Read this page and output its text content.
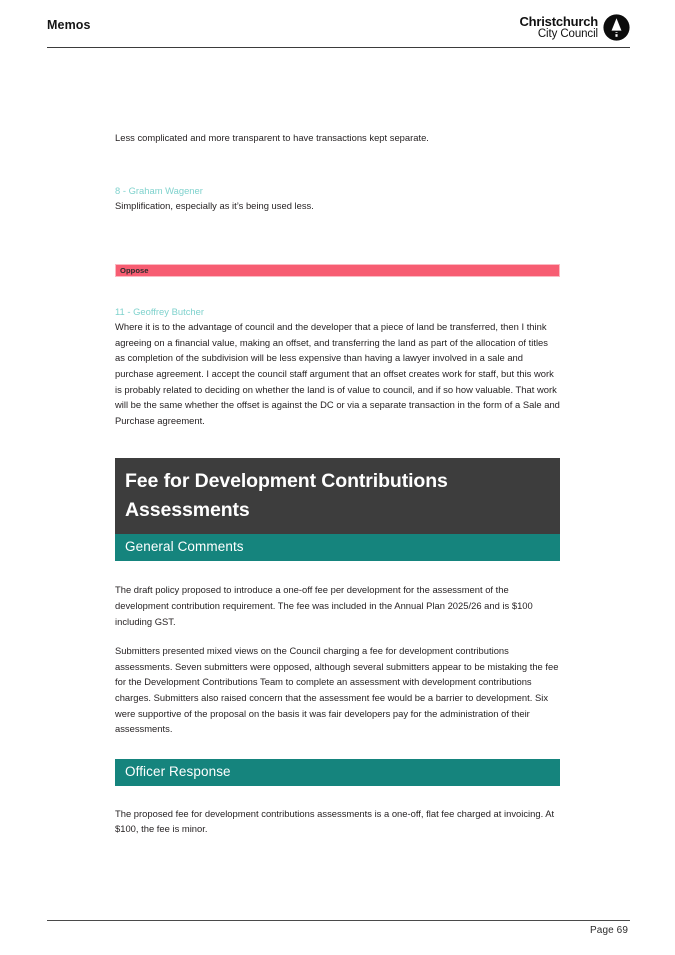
Memos	Christchurch
City Council

Less complicated and more transparent to have transactions kept separate.

8 - Graham Wagener

Simplification, especially as it’s being used less.

Oppose

11 - Geoffrey Butcher

Where it is to the advantage of council and the developer that a piece of land be transferred, then I think agreeing on a financial value, making an offset, and transferring the land as part of the allocation of titles as completion of the subdivision will be less expensive than having a lawyer involved in a sale and purchase agreement. I accept the council staff argument that an offset creates work for staff, but this work is probably related to deciding on whether the land is of value to council, and if so how valuable. That work will be the same whether the offset is against the DC or via a separate transaction in the form of a Sale and Purchase agreement.

Fee for Development Contributions Assessments
General Comments

The draft policy proposed to introduce a one-off fee per development for the assessment of the development contribution requirement. The fee was included in the Annual Plan 2025/26 and is $100 including GST.

Submitters presented mixed views on the Council charging a fee for development contributions assessments. Seven submitters were opposed, although several submitters appear to be mistaking the fee for the Development Contributions Team to complete an assessment with development contributions charges. Submitters also raised concern that the assessment fee would be a barrier to development. Six were supportive of the proposal on the basis it was fair developers pay for the administration of their assessments.

Officer Response

The proposed fee for development contributions assessments is a one-off, flat fee charged at invoicing. At $100, the fee is minor.

Page 69
